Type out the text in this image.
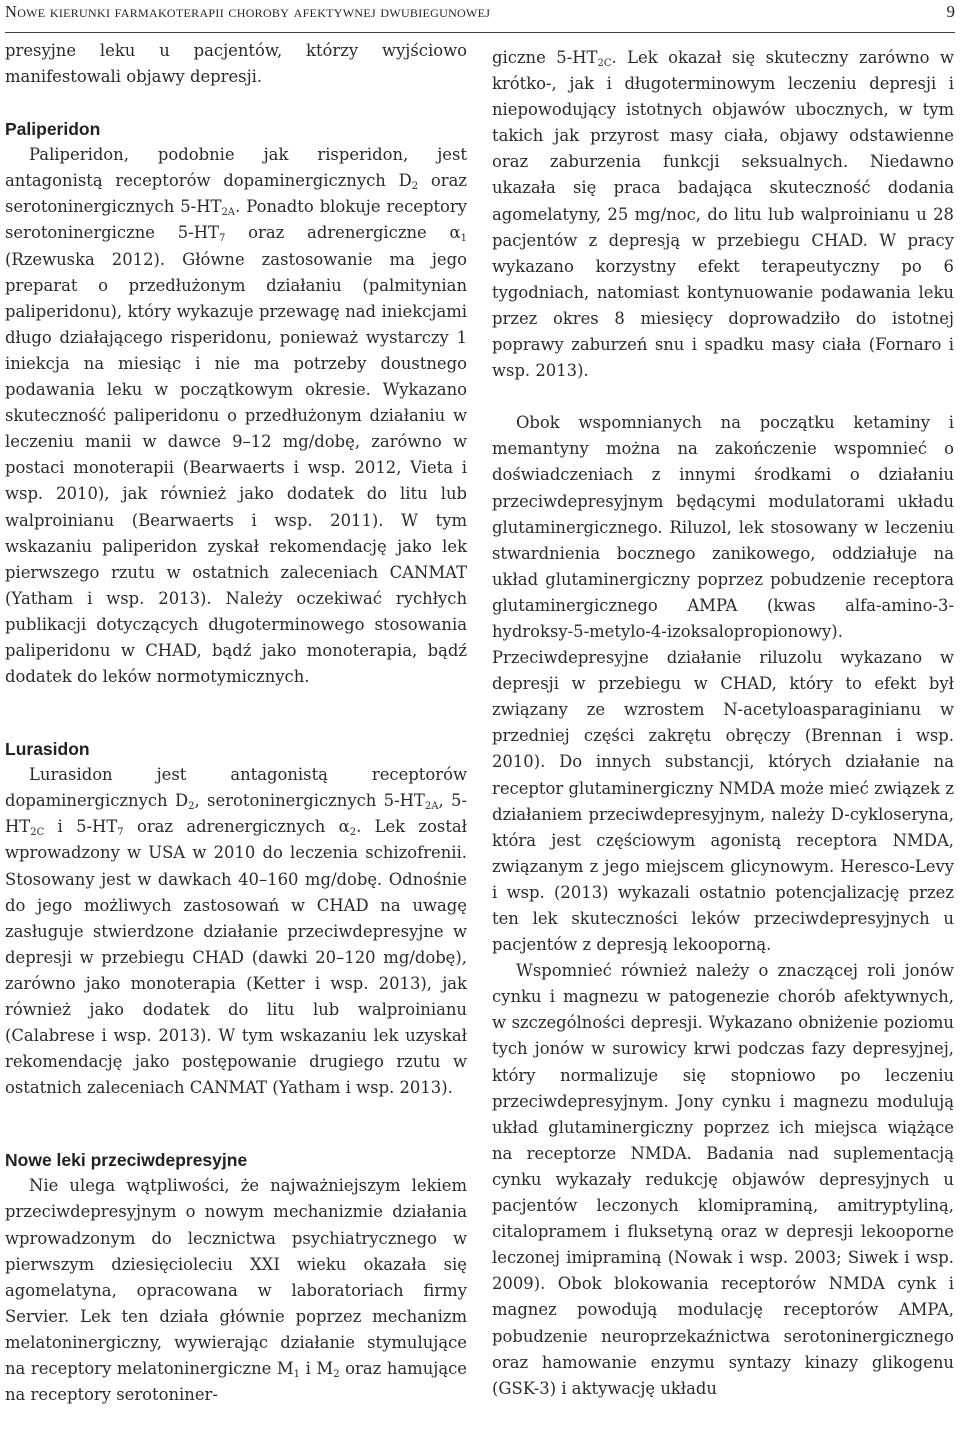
Nowe kierunki farmakoterapii choroby afektywnej dwubiegunowej	9

presyjne leku u pacjentów, którzy wyjściowo manifestowali objawy depresji.

Paliperidon

Paliperidon, podobnie jak risperidon, jest antagonistą receptorów dopaminergicznych $D_2$ oraz serotoninergicznych $5-HT_{2A}$. Ponadto blokuje receptory serotoninergiczne $5-HT_7$ oraz adrenergiczne $\alpha_1$ (Rzewuska 2012). Główne zastosowanie ma jego preparat o przedłużonym działaniu (palmitynian paliperidonu), który wykazuje przewagę nad iniekcjami długo działającego risperidonu, ponieważ wystarczy 1 iniekcja na miesiąc i nie ma potrzeby doustnego podawania leku w początkowym okresie. Wykazano skuteczność paliperidonu o przedłużonym działaniu w leczeniu manii w dawce 9–12 mg/dobę, zarówno w postaci monoterapii (Bearwaerts i wsp. 2012, Vieta i wsp. 2010), jak również jako dodatek do litu lub walproinianu (Bearwaerts i wsp. 2011). W tym wskazaniu paliperidon zyskał rekomendację jako lek pierwszego rzutu w ostatnich zaleceniach CANMAT (Yatham i wsp. 2013). Należy oczekiwać rychłych publikacji dotyczących długoterminowego stosowania paliperidonu w CHAD, bądź jako monoterapia, bądź dodatek do leków normotymicznych.

Lurasidon

Lurasidon jest antagonistą receptorów dopaminergicznych $D_2$, serotoninergicznych $5-HT_{2A}$, $5-HT_{2C}$ i $5-HT_7$ oraz adrenergicznych $\alpha_2$. Lek został wprowadzony w USA w 2010 do leczenia schizofrenii. Stosowany jest w dawkach 40–160 mg/dobę. Odnośnie do jego możliwych zastosowań w CHAD na uwagę zasługuje stwierdzone działanie przeciwdepresyjne w depresji w przebiegu CHAD (dawki 20–120 mg/dobę), zarówno jako monoterapia (Ketter i wsp. 2013), jak również jako dodatek do litu lub walproinianu (Calabrese i wsp. 2013). W tym wskazaniu lek uzyskał rekomendację jako postępowanie drugiego rzutu w ostatnich zaleceniach CANMAT (Yatham i wsp. 2013).

Nowe leki przeciwdepresyjne

Nie ulega wątpliwości, że najważniejszym lekiem przeciwdepresyjnym o nowym mechanizmie działania wprowadzonym do lecznictwa psychiatrycznego w pierwszym dziesięcioleciu XXI wieku okazała się agomelatyna, opracowana w laboratoriach firmy Servier. Lek ten działa głównie poprzez mechanizm melatoninergiczny, wywierając działanie stymulujące na receptory melatoninergiczne $M_1$ i $M_2$ oraz hamujące na receptory serotoniner-

giczne $5-HT_{2C}$. Lek okazał się skuteczny zarówno w krótko-, jak i długoterminowym leczeniu depresji i niepowodujący istotnych objawów ubocznych, w tym takich jak przyrost masy ciała, objawy odstawienne oraz zaburzenia funkcji seksualnych. Niedawno ukazała się praca badająca skuteczność dodania agomelatyny, 25 mg/noc, do litu lub walproinianu u 28 pacjentów z depresją w przebiegu CHAD. W pracy wykazano korzystny efekt terapeutyczny po 6 tygodniach, natomiast kontynuowanie podawania leku przez okres 8 miesięcy doprowadziło do istotnej poprawy zaburzeń snu i spadku masy ciała (Fornaro i wsp. 2013).

Obok wspomnianych na początku ketaminy i memantyny można na zakończenie wspomnieć o doświadczeniach z innymi środkami o działaniu przeciwdepresyjnym będącymi modulatorami układu glutaminergicznego. Riluzol, lek stosowany w leczeniu stwardnienia bocznego zanikowego, oddziałuje na układ glutaminergiczny poprzez pobudzenie receptora glutaminergicznego AMPA (kwas alfa-amino-3-hydroksy-5-metylo-4-izoksalopropionowy). Przeciwdepresyjne działanie riluzolu wykazano w depresji w przebiegu w CHAD, który to efekt był związany ze wzrostem N-acetyloasparaginianu w przedniej części zakrętu obręczy (Brennan i wsp. 2010). Do innych substancji, których działanie na receptor glutaminergiczny NMDA może mieć związek z działaniem przeciwdepresyjnym, należy D-cykloseryna, która jest częściowym agonistą receptora NMDA, związanym z jego miejscem glicynowym. Heresco-Levy i wsp. (2013) wykazali ostatnio potencjalizację przez ten lek skuteczności leków przeciwdepresyjnych u pacjentów z depresją lekooporną.

Wspomnieć również należy o znaczącej roli jonów cynku i magnezu w patogenezie chorób afektywnych, w szczególności depresji. Wykazano obniżenie poziomu tych jonów w surowicy krwi podczas fazy depresyjnej, który normalizuje się stopniowo po leczeniu przeciwdepresyjnym. Jony cynku i magnezu modulują układ glutaminergiczny poprzez ich miejsca wiążące na receptorze NMDA. Badania nad suplementacją cynku wykazały redukcję objawów depresyjnych u pacjentów leczonych klomipraminą, amitryptyliną, citalopramem i fluksetyną oraz w depresji lekooporne leczonej imipraminą (Nowak i wsp. 2003; Siwek i wsp. 2009). Obok blokowania receptorów NMDA cynk i magnez powodują modulację receptorów AMPA, pobudzenie neuroprzekaźnictwa serotoninergicznego oraz hamowanie enzymu syntazy kinazy glikogenu (GSK-3) i aktywację układu
